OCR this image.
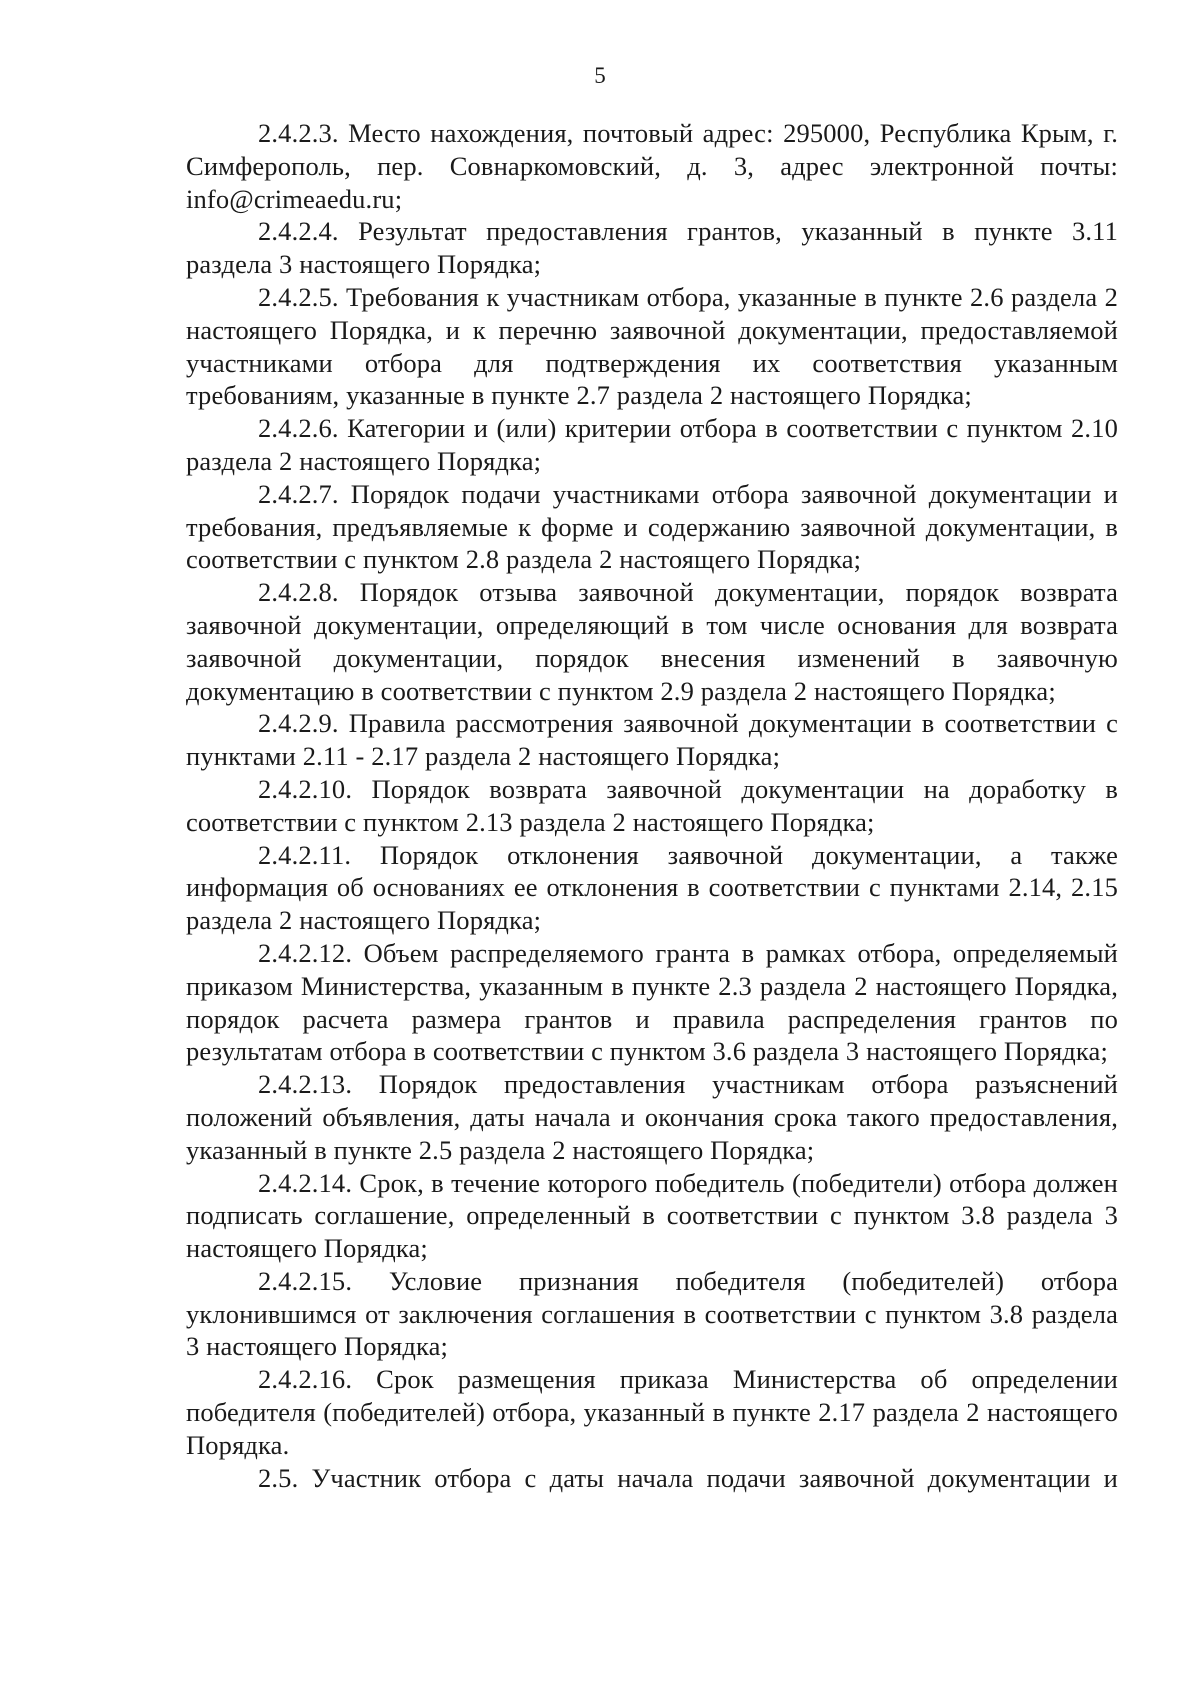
5

2.4.2.3. Место нахождения, почтовый адрес: 295000, Республика Крым, г. Симферополь, пер. Совнаркомовский, д. 3, адрес электронной почты: info@crimeaedu.ru;

2.4.2.4. Результат предоставления грантов, указанный в пункте 3.11 раздела 3 настоящего Порядка;

2.4.2.5. Требования к участникам отбора, указанные в пункте 2.6 раздела 2 настоящего Порядка, и к перечню заявочной документации, предоставляемой участниками отбора для подтверждения их соответствия указанным требованиям, указанные в пункте 2.7 раздела 2 настоящего Порядка;

2.4.2.6. Категории и (или) критерии отбора в соответствии с пунктом 2.10 раздела 2 настоящего Порядка;

2.4.2.7. Порядок подачи участниками отбора заявочной документации и требования, предъявляемые к форме и содержанию заявочной документации, в соответствии с пунктом 2.8 раздела 2 настоящего Порядка;

2.4.2.8. Порядок отзыва заявочной документации, порядок возврата заявочной документации, определяющий в том числе основания для возврата заявочной документации, порядок внесения изменений в заявочную документацию в соответствии с пунктом 2.9 раздела 2 настоящего Порядка;

2.4.2.9. Правила рассмотрения заявочной документации в соответствии с пунктами 2.11 - 2.17 раздела 2 настоящего Порядка;

2.4.2.10. Порядок возврата заявочной документации на доработку в соответствии с пунктом 2.13 раздела 2 настоящего Порядка;

2.4.2.11. Порядок отклонения заявочной документации, а также информация об основаниях ее отклонения в соответствии с пунктами 2.14, 2.15 раздела 2 настоящего Порядка;

2.4.2.12. Объем распределяемого гранта в рамках отбора, определяемый приказом Министерства, указанным в пункте 2.3 раздела 2 настоящего Порядка, порядок расчета размера грантов и правила распределения грантов по результатам отбора в соответствии с пунктом 3.6 раздела 3 настоящего Порядка;

2.4.2.13. Порядок предоставления участникам отбора разъяснений положений объявления, даты начала и окончания срока такого предоставления, указанный в пункте 2.5 раздела 2 настоящего Порядка;

2.4.2.14. Срок, в течение которого победитель (победители) отбора должен подписать соглашение, определенный в соответствии с пунктом 3.8 раздела 3 настоящего Порядка;

2.4.2.15. Условие признания победителя (победителей) отбора уклонившимся от заключения соглашения в соответствии с пунктом 3.8 раздела 3 настоящего Порядка;

2.4.2.16. Срок размещения приказа Министерства об определении победителя (победителей) отбора, указанный в пункте 2.17 раздела 2 настоящего Порядка.

2.5. Участник отбора с даты начала подачи заявочной документации и
